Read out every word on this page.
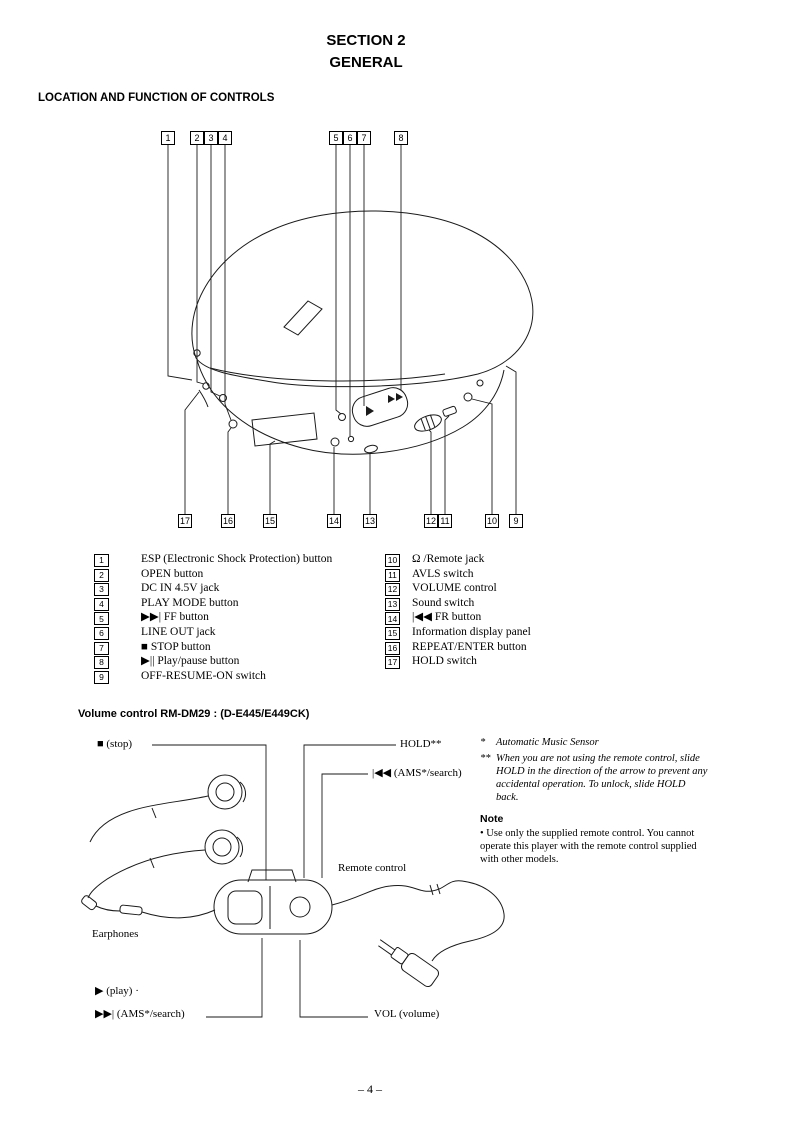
SECTION 2
GENERAL
LOCATION AND FUNCTION OF CONTROLS
1	2 3 4	5 6 7	8
17	16	15	14	13	12 11	10	9
1	ESP (Electronic Shock Protection) button
2	OPEN button
3	DC IN 4.5V jack
4	PLAY MODE button
5	▶▶| FF button
6	LINE OUT jack
7	■ STOP button
8	▶|| Play/pause button
9	OFF-RESUME-ON switch
10 Ω /Remote jack
11 AVLS switch
12 VOLUME control
13 Sound switch
14 |◀◀ FR button
15 Information display panel
16 REPEAT/ENTER button
17 HOLD switch
Volume control RM-DM29 : (D-E445/E449CK)
■ (stop)	HOLD**
|◀◀ (AMS*/search)
Remote control
Earphones
▶ (play) ·
▶▶| (AMS*/search)	VOL (volume)
*	Automatic Music Sensor
** When you are not using the remote control, slide HOLD in the direction of the arrow to prevent any accidental operation. To unlock, slide HOLD back.
Note
• Use only the supplied remote control. You cannot operate this player with the remote control supplied with other models.
– 4 –
